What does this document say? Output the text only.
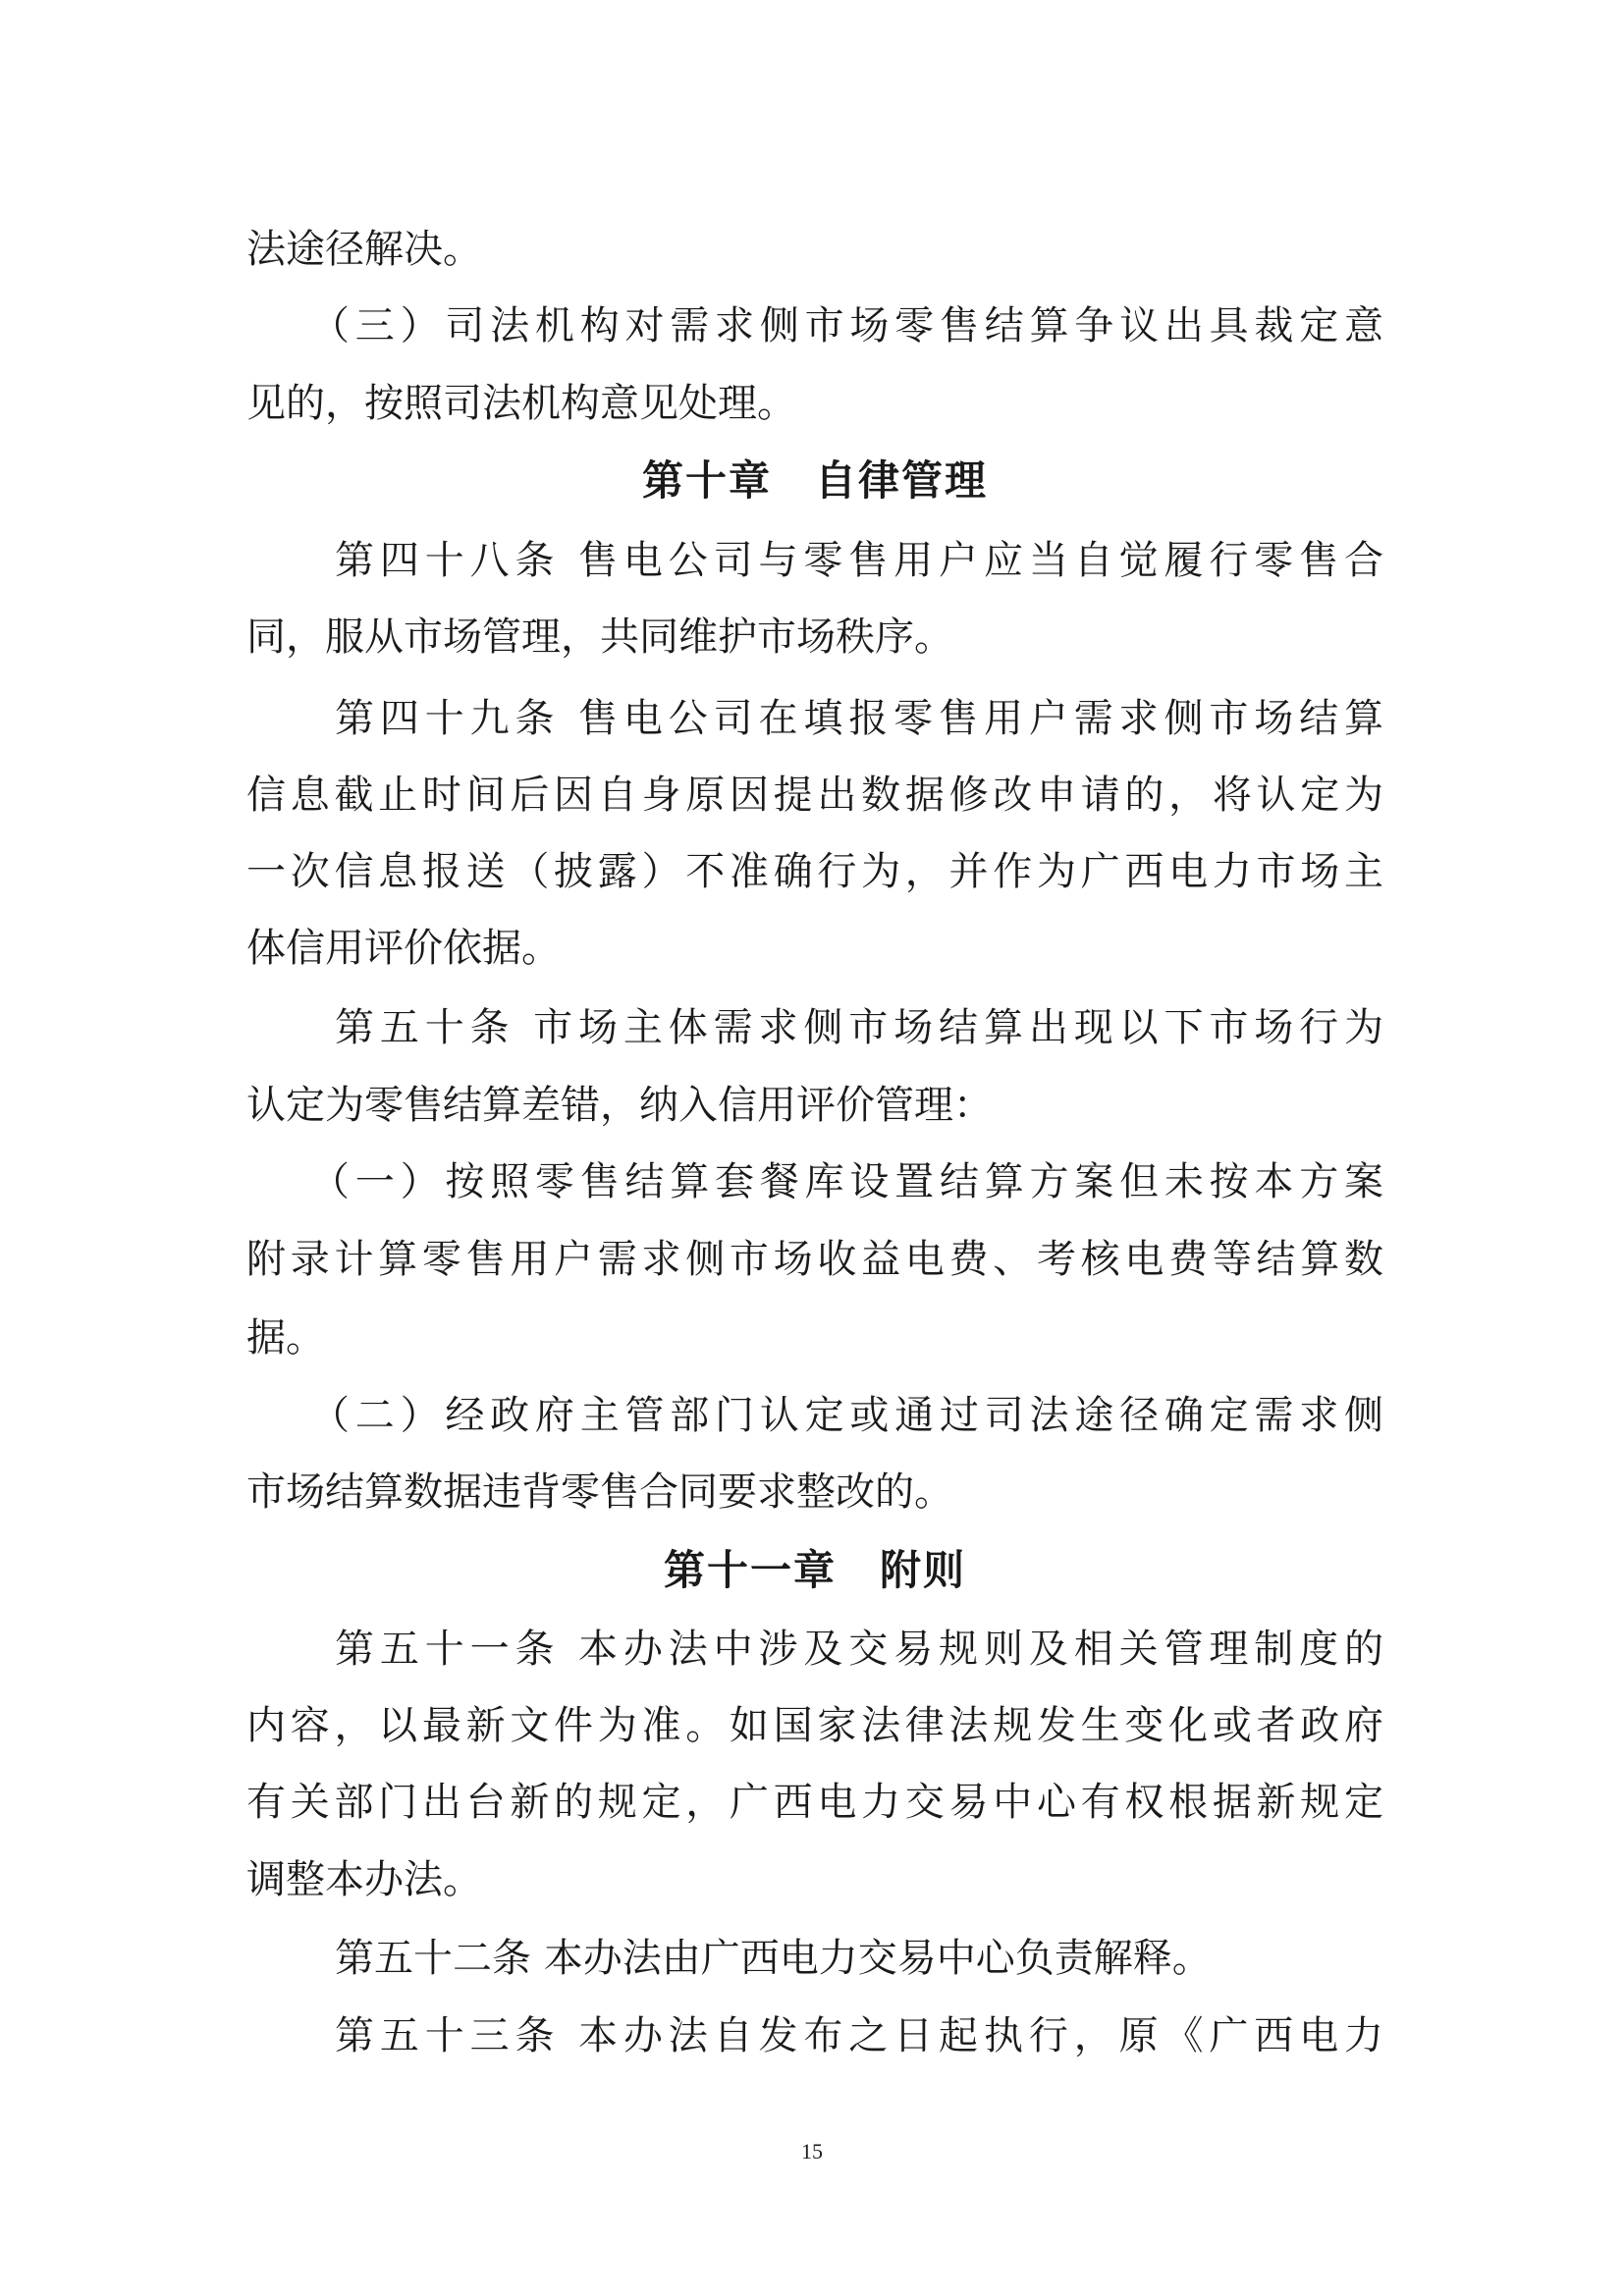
法途径解决。
（三）司法机构对需求侧市场零售结算争议出具裁定意
见的，按照司法机构意见处理。
第十章　自律管理
第四十八条 售电公司与零售用户应当自觉履行零售合
同，服从市场管理，共同维护市场秩序。
第四十九条 售电公司在填报零售用户需求侧市场结算
信息截止时间后因自身原因提出数据修改申请的，将认定为
一次信息报送（披露）不准确行为，并作为广西电力市场主
体信用评价依据。
第五十条 市场主体需求侧市场结算出现以下市场行为
认定为零售结算差错，纳入信用评价管理：
（一）按照零售结算套餐库设置结算方案但未按本方案
附录计算零售用户需求侧市场收益电费、考核电费等结算数
据。
（二）经政府主管部门认定或通过司法途径确定需求侧
市场结算数据违背零售合同要求整改的。
第十一章　附则
第五十一条 本办法中涉及交易规则及相关管理制度的
内容，以最新文件为准。如国家法律法规发生变化或者政府
有关部门出台新的规定，广西电力交易中心有权根据新规定
调整本办法。
第五十二条 本办法由广西电力交易中心负责解释。
第五十三条 本办法自发布之日起执行，原《广西电力
15
